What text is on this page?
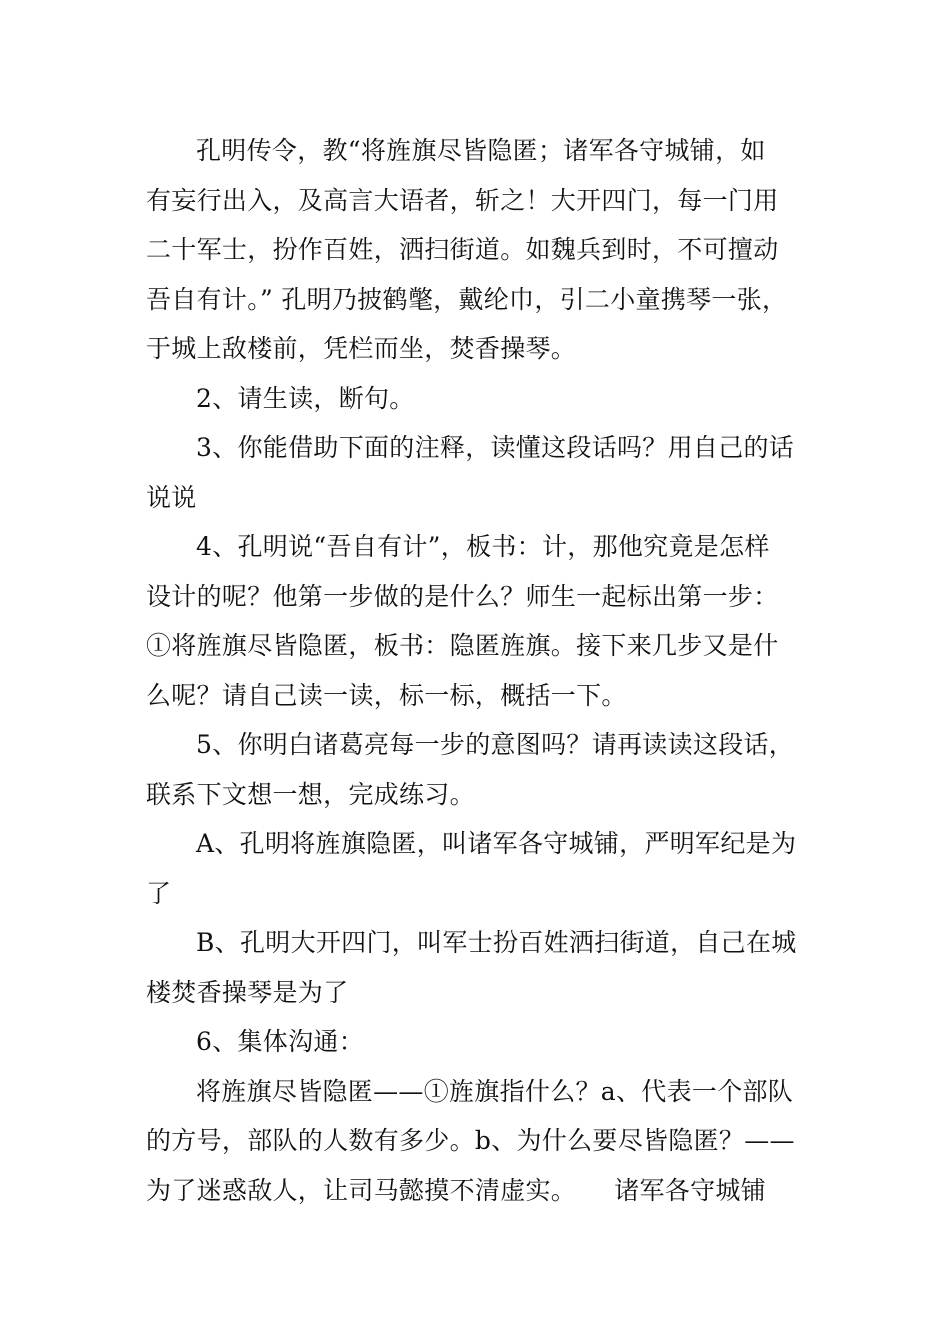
孔明传令，教“将旌旗尽皆隐匿；诸军各守城铺，如
有妄行出入，及高言大语者，斩之！大开四门，每一门用
二十军士，扮作百姓，洒扫街道。如魏兵到时，不可擅动
吾自有计。” 孔明乃披鹤氅，戴纶巾，引二小童携琴一张，
于城上敌楼前，凭栏而坐，焚香操琴。

2、请生读，断句。

3、你能借助下面的注释，读懂这段话吗？用自己的话
说说

4、孔明说“吾自有计”，板书：计，那他究竟是怎样
设计的呢？他第一步做的是什么？师生一起标出第一步：
①将旌旗尽皆隐匿，板书：隐匿旌旗。接下来几步又是什
么呢？请自己读一读，标一标，概括一下。

5、你明白诸葛亮每一步的意图吗？请再读读这段话，
联系下文想一想，完成练习。

A、孔明将旌旗隐匿，叫诸军各守城铺，严明军纪是为
了

B、孔明大开四门，叫军士扮百姓洒扫街道，自己在城
楼焚香操琴是为了

6、集体沟通：

将旌旗尽皆隐匿——①旌旗指什么？a、代表一个部队
的方号，部队的人数有多少。b、为什么要尽皆隐匿？——
为了迷惑敌人，让司马懿摸不清虚实。　　诸军各守城铺
